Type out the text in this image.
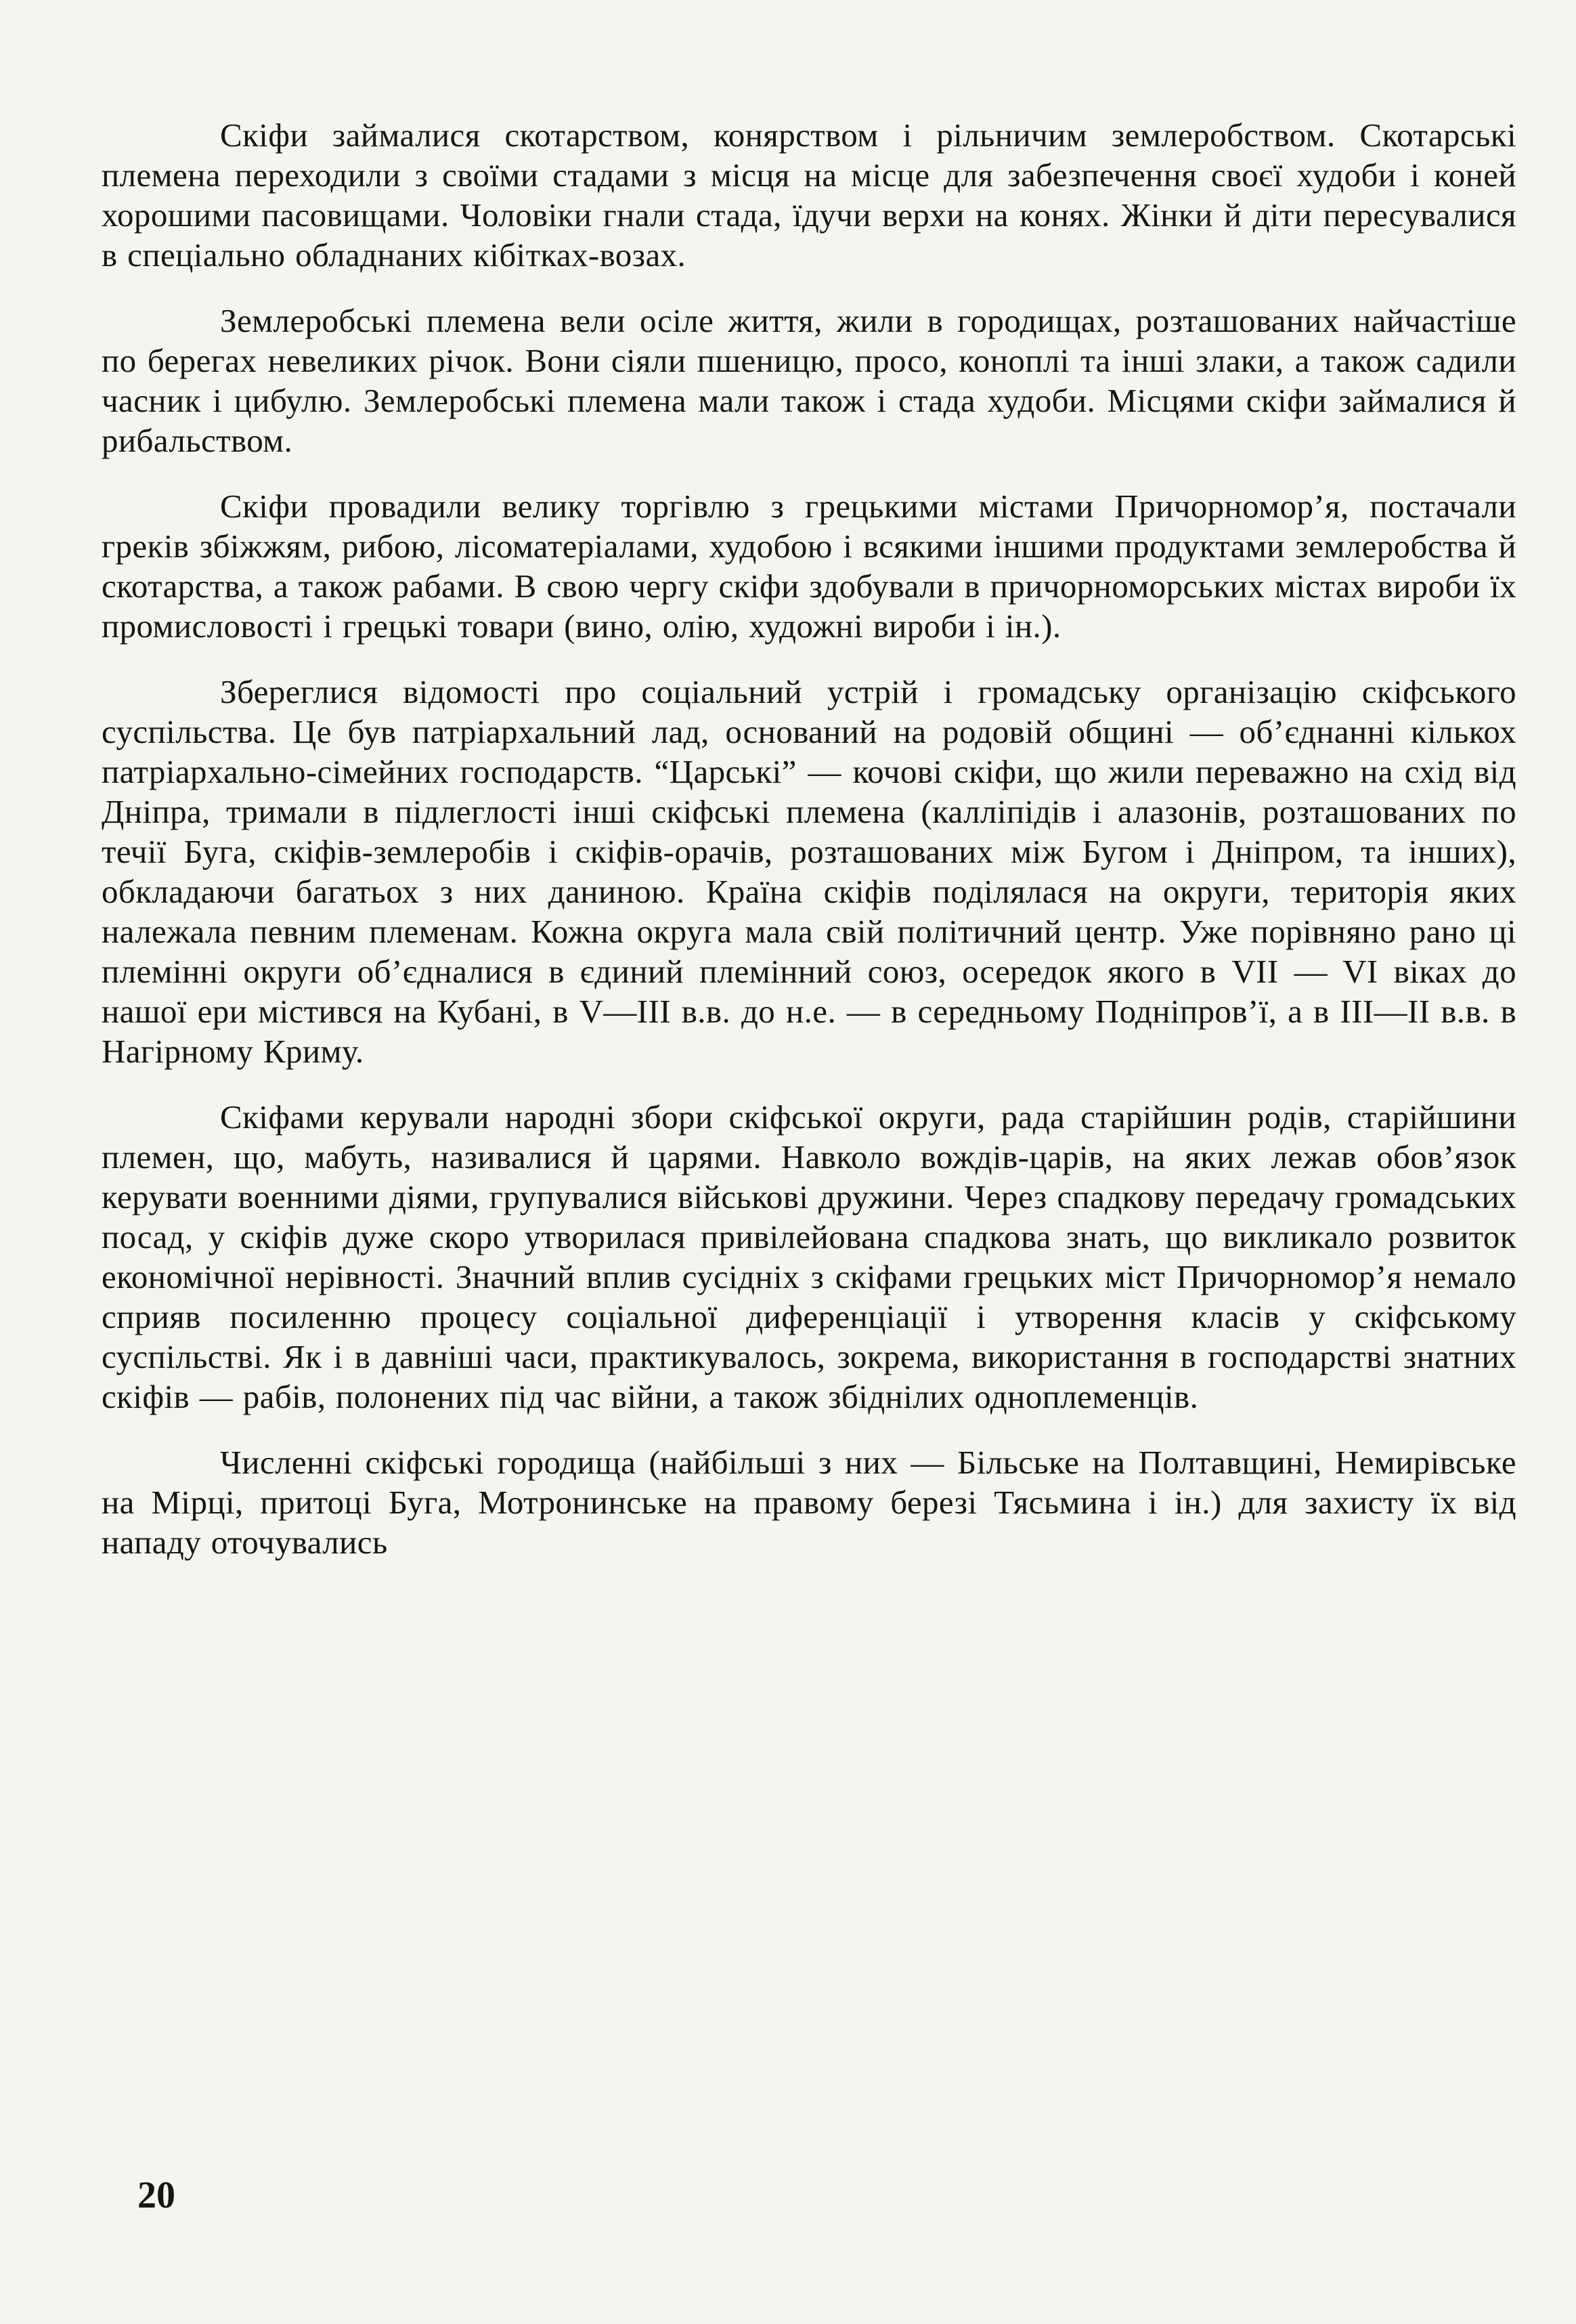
Скіфи займалися скотарством, конярством і рільничим землеробством. Скотарські племена переходили з своїми стадами з місця на місце для забезпечення своєї худоби і коней хорошими пасовищами. Чоловіки гнали стада, їдучи верхи на конях. Жінки й діти пересувалися в спеціально обладнаних кібітках-возах.

Землеробські племена вели осіле життя, жили в городищах, розташованих найчастіше по берегах невеликих річок. Вони сіяли пшеницю, просо, коноплі та інші злаки, а також садили часник і цибулю. Землеробські племена мали також і стада худоби. Місцями скіфи займалися й рибальством.

Скіфи провадили велику торгівлю з грецькими містами Причорномор’я, постачали греків збіжжям, рибою, лісоматеріалами, худобою і всякими іншими продуктами землеробства й скотарства, а також рабами. В свою чергу скіфи здобували в причорноморських містах вироби їх промисловості і грецькі товари (вино, олію, художні вироби і ін.).

Збереглися відомості про соціальний устрій і громадську організацію скіфського суспільства. Це був патріархальний лад, оснований на родовій общині — об’єднанні кількох патріархально-сімейних господарств. “Царські” — кочові скіфи, що жили переважно на схід від Дніпра, тримали в підлеглості інші скіфські племена (калліпідів і алазонів, розташованих по течії Буга, скіфів-землеробів і скіфів-орачів, розташованих між Бугом і Дніпром, та інших), обкладаючи багатьох з них даниною. Країна скіфів поділялася на округи, територія яких належала певним племенам. Кожна округа мала свій політичний центр. Уже порівняно рано ці племінні округи об’єдналися в єдиний племінний союз, осередок якого в VII — VI віках до нашої ери містився на Кубані, в V—III в.в. до н.е. — в середньому Подніпров’ї, а в III—II в.в. в Нагірному Криму.

Скіфами керували народні збори скіфської округи, рада старійшин родів, старійшини племен, що, мабуть, називалися й царями. Навколо вождів-царів, на яких лежав обов’язок керувати военними діями, групувалися військові дружини. Через спадкову передачу громадських посад, у скіфів дуже скоро утворилася привілейована спадкова знать, що викликало розвиток економічної нерівності. Значний вплив сусідніх з скіфами грецьких міст Причорномор’я немало сприяв посиленню процесу соціальної диференціації і утворення класів у скіфському суспільстві. Як і в давніші часи, практикувалось, зокрема, використання в господарстві знатних скіфів — рабів, полонених під час війни, а також збіднілих одноплеменців.

Численні скіфські городища (найбільші з них — Більське на Полтавщині, Немирівське на Мірці, притоці Буга, Мотронинське на правому березі Тясьмина і ін.) для захисту їх від нападу оточувались

20
